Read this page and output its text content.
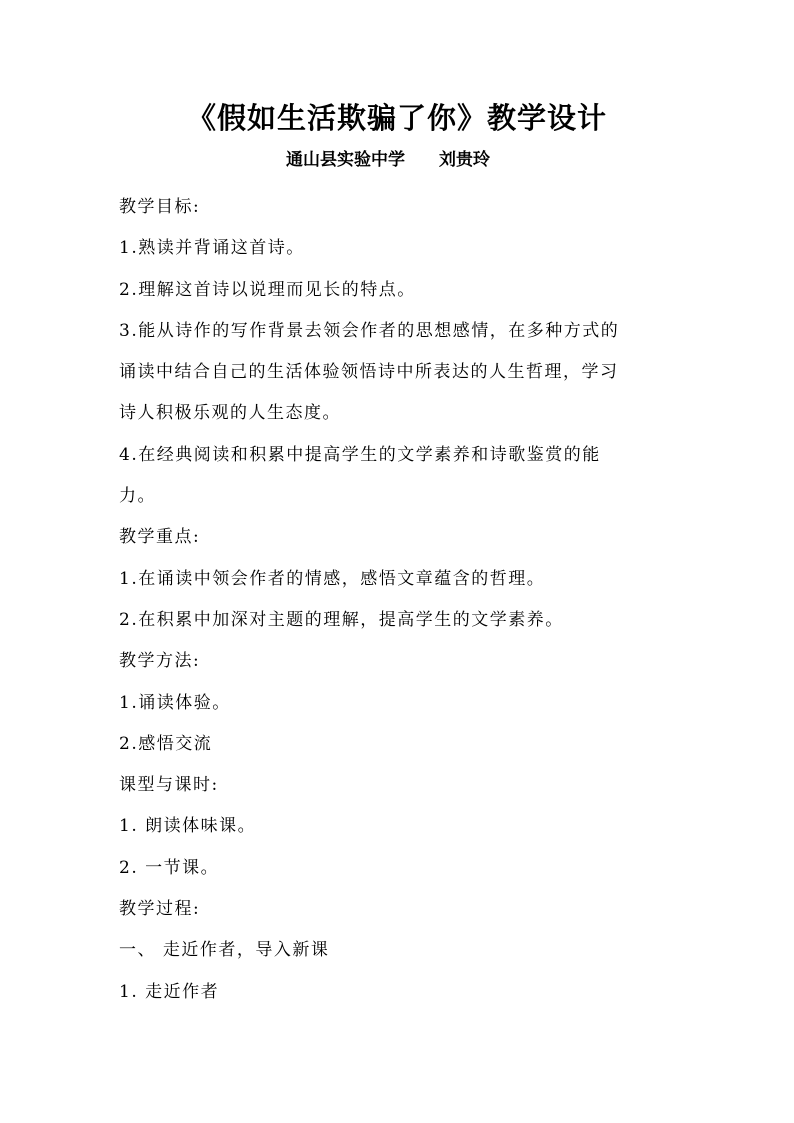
《假如生活欺骗了你》教学设计
通山县实验中学 刘贵玲
教学目标:
1.熟读并背诵这首诗。
2.理解这首诗以说理而见长的特点。
3.能从诗作的写作背景去领会作者的思想感情，在多种方式的
诵读中结合自己的生活体验领悟诗中所表达的人生哲理，学习
诗人积极乐观的人生态度。
4.在经典阅读和积累中提高学生的文学素养和诗歌鉴赏的能
力。
教学重点:
1.在诵读中领会作者的情感，感悟文章蕴含的哲理。
2.在积累中加深对主题的理解，提高学生的文学素养。
教学方法:
1.诵读体验。
2.感悟交流
课型与课时:
1. 朗读体味课。
2. 一节课。
教学过程:
一、 走近作者，导入新课
1. 走近作者
